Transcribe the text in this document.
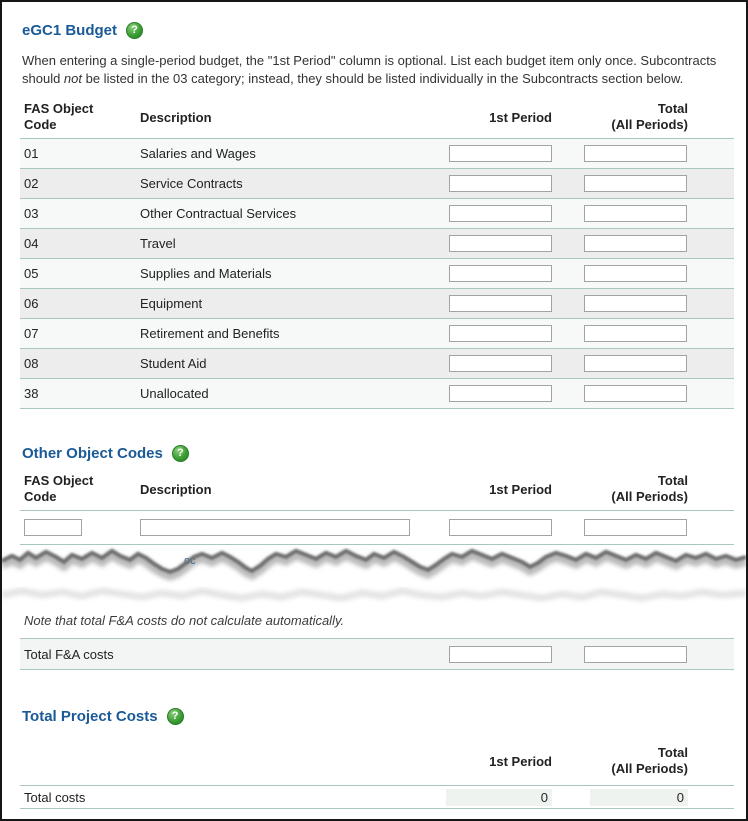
eGC1 Budget	?

When entering a single-period budget, the "1st Period" column is optional. List each budget item only once. Subcontracts should not be listed in the 03 category; instead, they should be listed individually in the Subcontracts section below.

FAS Object
Code	Description	1st Period
Total
(All Periods)
01	Salaries and Wages
02	Service Contracts
03	Other Contractual Services
04	Travel
05	Supplies and Materials
06	Equipment
07	Retirement and Benefits
08	Student Aid
38	Unallocated
Other Object Codes	?
FAS Object
Code	Description	1st Period
Total
(All Periods)
oc

Note that total F&A costs do not calculate automatically.

Total F&A costs
Total Project Costs	?
1st Period
Total
(All Periods)
Total costs	0	0
